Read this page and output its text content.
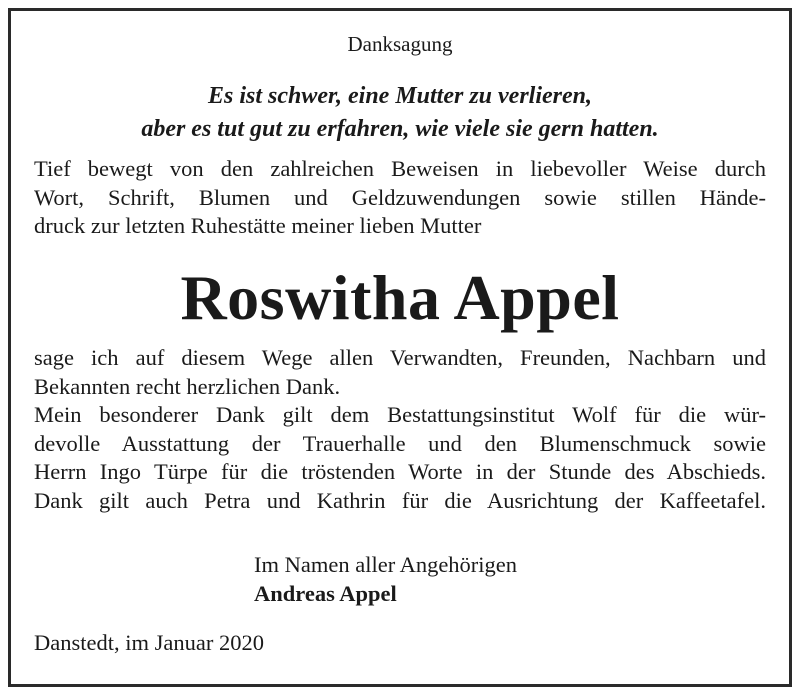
Danksagung
Es ist schwer, eine Mutter zu verlieren,
aber es tut gut zu erfahren, wie viele sie gern hatten.
Tief bewegt von den zahlreichen Beweisen in liebevoller Weise durch
Wort, Schrift, Blumen und Geldzuwendungen sowie stillen Hände-
druck zur letzten Ruhestätte meiner lieben Mutter
Roswitha Appel
sage ich auf diesem Wege allen Verwandten, Freunden, Nachbarn und
Bekannten recht herzlichen Dank.
Mein besonderer Dank gilt dem Bestattungsinstitut Wolf für die wür-
devolle Ausstattung der Trauerhalle und den Blumenschmuck sowie
Herrn Ingo Türpe für die tröstenden Worte in der Stunde des Abschieds.
Dank gilt auch Petra und Kathrin für die Ausrichtung der Kaffeetafel.
Im Namen aller Angehörigen
Andreas Appel
Danstedt, im Januar 2020
